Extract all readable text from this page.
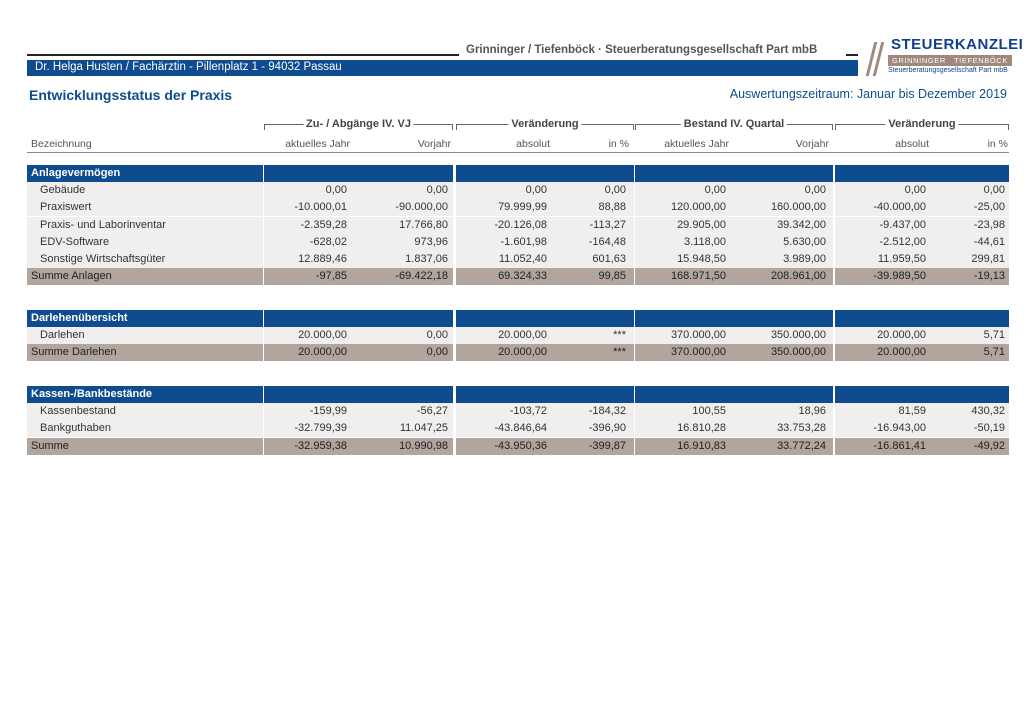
Grinninger / Tiefenböck · Steuerberatungsgesellschaft Part mbB
Dr. Helga Husten / Fachärztin - Pillenplatz 1 - 94032 Passau
STEUERKANZLEI
GRINNINGER	TIEFENBÖCK
Steuerberatungsgesellschaft Part mbB
Entwicklungsstatus der Praxis	Auswertungszeitraum: Januar bis Dezember 2019
Zu- / Abgänge IV. VJ	Veränderung	Bestand IV. Quartal	Veränderung
Bezeichnung	aktuelles Jahr	Vorjahr	absolut	in %	aktuelles Jahr	Vorjahr	absolut	in %
Anlagevermögen
Gebäude	0,00	0,00	0,00	0,00	0,00	0,00	0,00	0,00
Praxiswert	-10.000,01	-90.000,00	79.999,99	88,88	120.000,00	160.000,00	-40.000,00	-25,00
Praxis- und Laborinventar	-2.359,28	17.766,80	-20.126,08	-113,27	29.905,00	39.342,00	-9.437,00	-23,98
EDV-Software	-628,02	973,96	-1.601,98	-164,48	3.118,00	5.630,00	-2.512,00	-44,61
Sonstige Wirtschaftsgüter	12.889,46	1.837,06	11.052,40	601,63	15.948,50	3.989,00	11.959,50	299,81
Summe Anlagen	-97,85	-69.422,18	69.324,33	99,85	168.971,50	208.961,00	-39.989,50	-19,13
Darlehenübersicht
Darlehen	20.000,00	0,00	20.000,00	***	370.000,00	350.000,00	20.000,00	5,71
Summe Darlehen	20.000,00	0,00	20.000,00	***	370.000,00	350.000,00	20.000,00	5,71
Kassen-/Bankbestände
Kassenbestand	-159,99	-56,27	-103,72	-184,32	100,55	18,96	81,59	430,32
Bankguthaben	-32.799,39	11.047,25	-43.846,64	-396,90	16.810,28	33.753,28	-16.943,00	-50,19
Summe	-32.959,38	10.990,98	-43.950,36	-399,87	16.910,83	33.772,24	-16.861,41	-49,92
